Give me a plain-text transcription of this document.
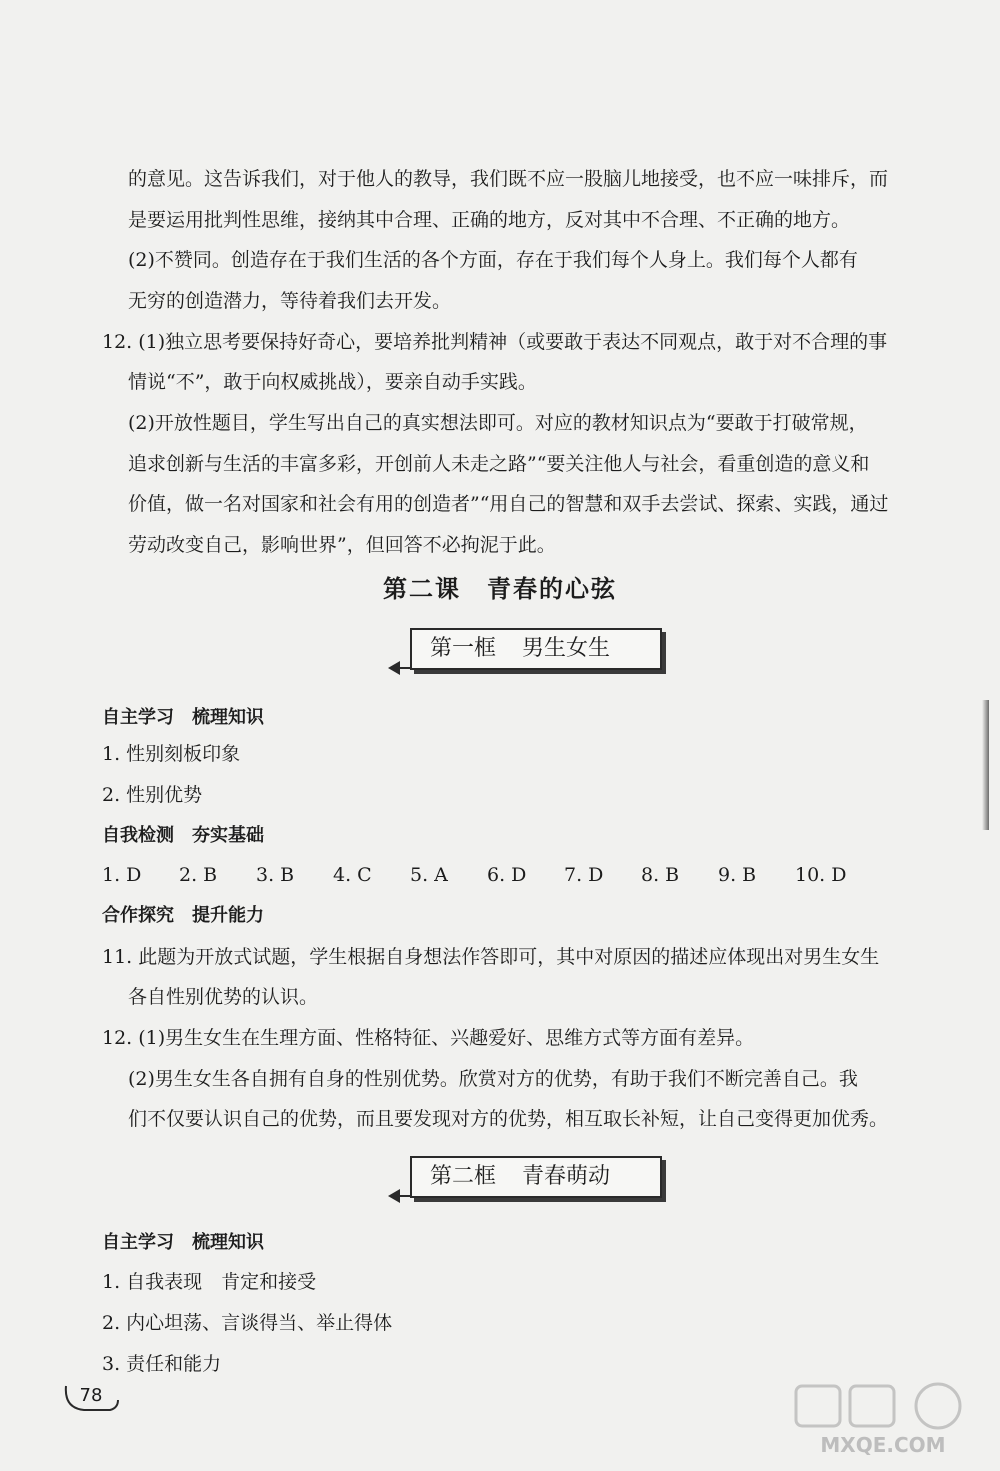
的意见。这告诉我们，对于他人的教导，我们既不应一股脑儿地接受，也不应一味排斥，而
是要运用批判性思维，接纳其中合理、正确的地方，反对其中不合理、不正确的地方。
(2)不赞同。创造存在于我们生活的各个方面，存在于我们每个人身上。我们每个人都有
无穷的创造潜力，等待着我们去开发。
12. (1)独立思考要保持好奇心，要培养批判精神（或要敢于表达不同观点，敢于对不合理的事
情说“不”，敢于向权威挑战），要亲自动手实践。
(2)开放性题目，学生写出自己的真实想法即可。对应的教材知识点为“要敢于打破常规，
追求创新与生活的丰富多彩，开创前人未走之路”“要关注他人与社会，看重创造的意义和
价值，做一名对国家和社会有用的创造者”“用自己的智慧和双手去尝试、探索、实践，通过
劳动改变自己，影响世界”，但回答不必拘泥于此。
第二课　青春的心弦
第一框 男生女生
自主学习　梳理知识
1. 性别刻板印象
2. 性别优势
自我检测　夯实基础
1. D 2. B 3. B 4. C 5. A 6. D 7. D 8. B 9. B 10. D
合作探究　提升能力
11. 此题为开放式试题，学生根据自身想法作答即可，其中对原因的描述应体现出对男生女生
各自性别优势的认识。
12. (1)男生女生在生理方面、性格特征、兴趣爱好、思维方式等方面有差异。
(2)男生女生各自拥有自身的性别优势。欣赏对方的优势，有助于我们不断完善自己。我
们不仅要认识自己的优势，而且要发现对方的优势，相互取长补短，让自己变得更加优秀。
第二框 青春萌动
自主学习　梳理知识
1. 自我表现　肯定和接受
2. 内心坦荡、言谈得当、举止得体
3. 责任和能力
78
MXQE.COM
